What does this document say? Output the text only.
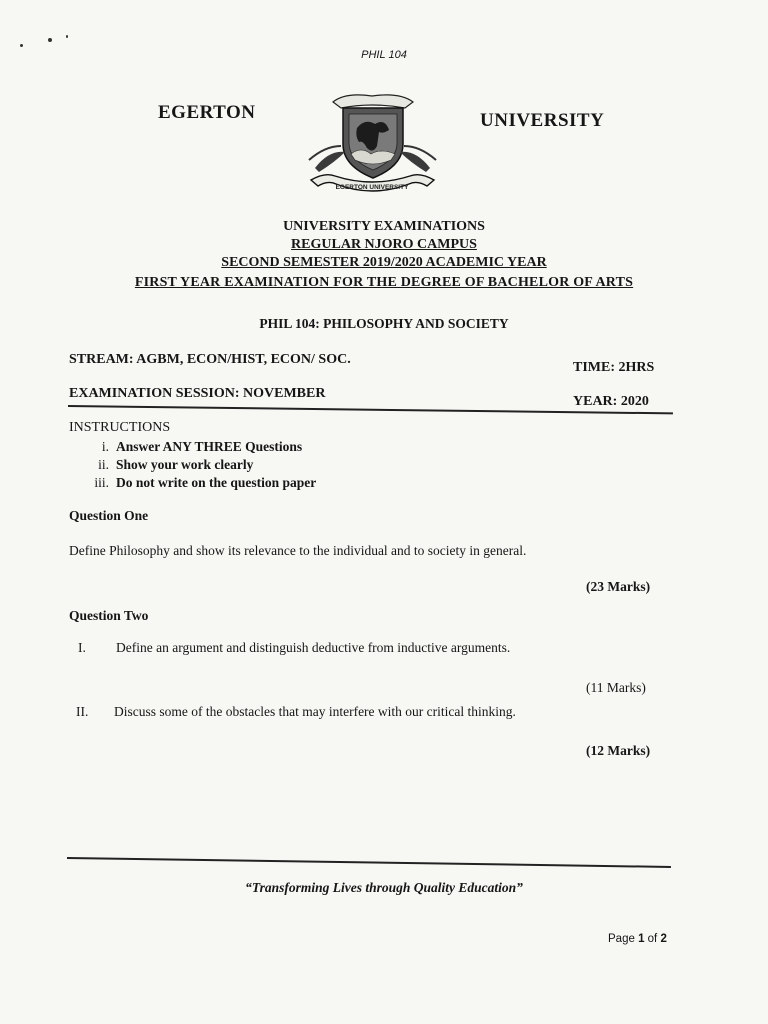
PHIL 104
EGERTON	UNIVERSITY
EGERTON UNIVERSITY
UNIVERSITY EXAMINATIONS
REGULAR NJORO CAMPUS
SECOND SEMESTER 2019/2020 ACADEMIC YEAR
FIRST YEAR EXAMINATION FOR THE DEGREE OF BACHELOR OF ARTS
PHIL 104: PHILOSOPHY AND SOCIETY
STREAM: AGBM, ECON/HIST, ECON/ SOC.
TIME: 2HRS
EXAMINATION SESSION: NOVEMBER
YEAR: 2020
INSTRUCTIONS
i. Answer ANY THREE Questions
ii. Show your work clearly
iii. Do not write on the question paper
Question One
Define Philosophy and show its relevance to the individual and to society in general.
(23 Marks)
Question Two
I.	Define an argument and distinguish deductive from inductive arguments.
(11 Marks)
II.	Discuss some of the obstacles that may interfere with our critical thinking.
(12 Marks)
“Transforming Lives through Quality Education”
Page 1 of 2
